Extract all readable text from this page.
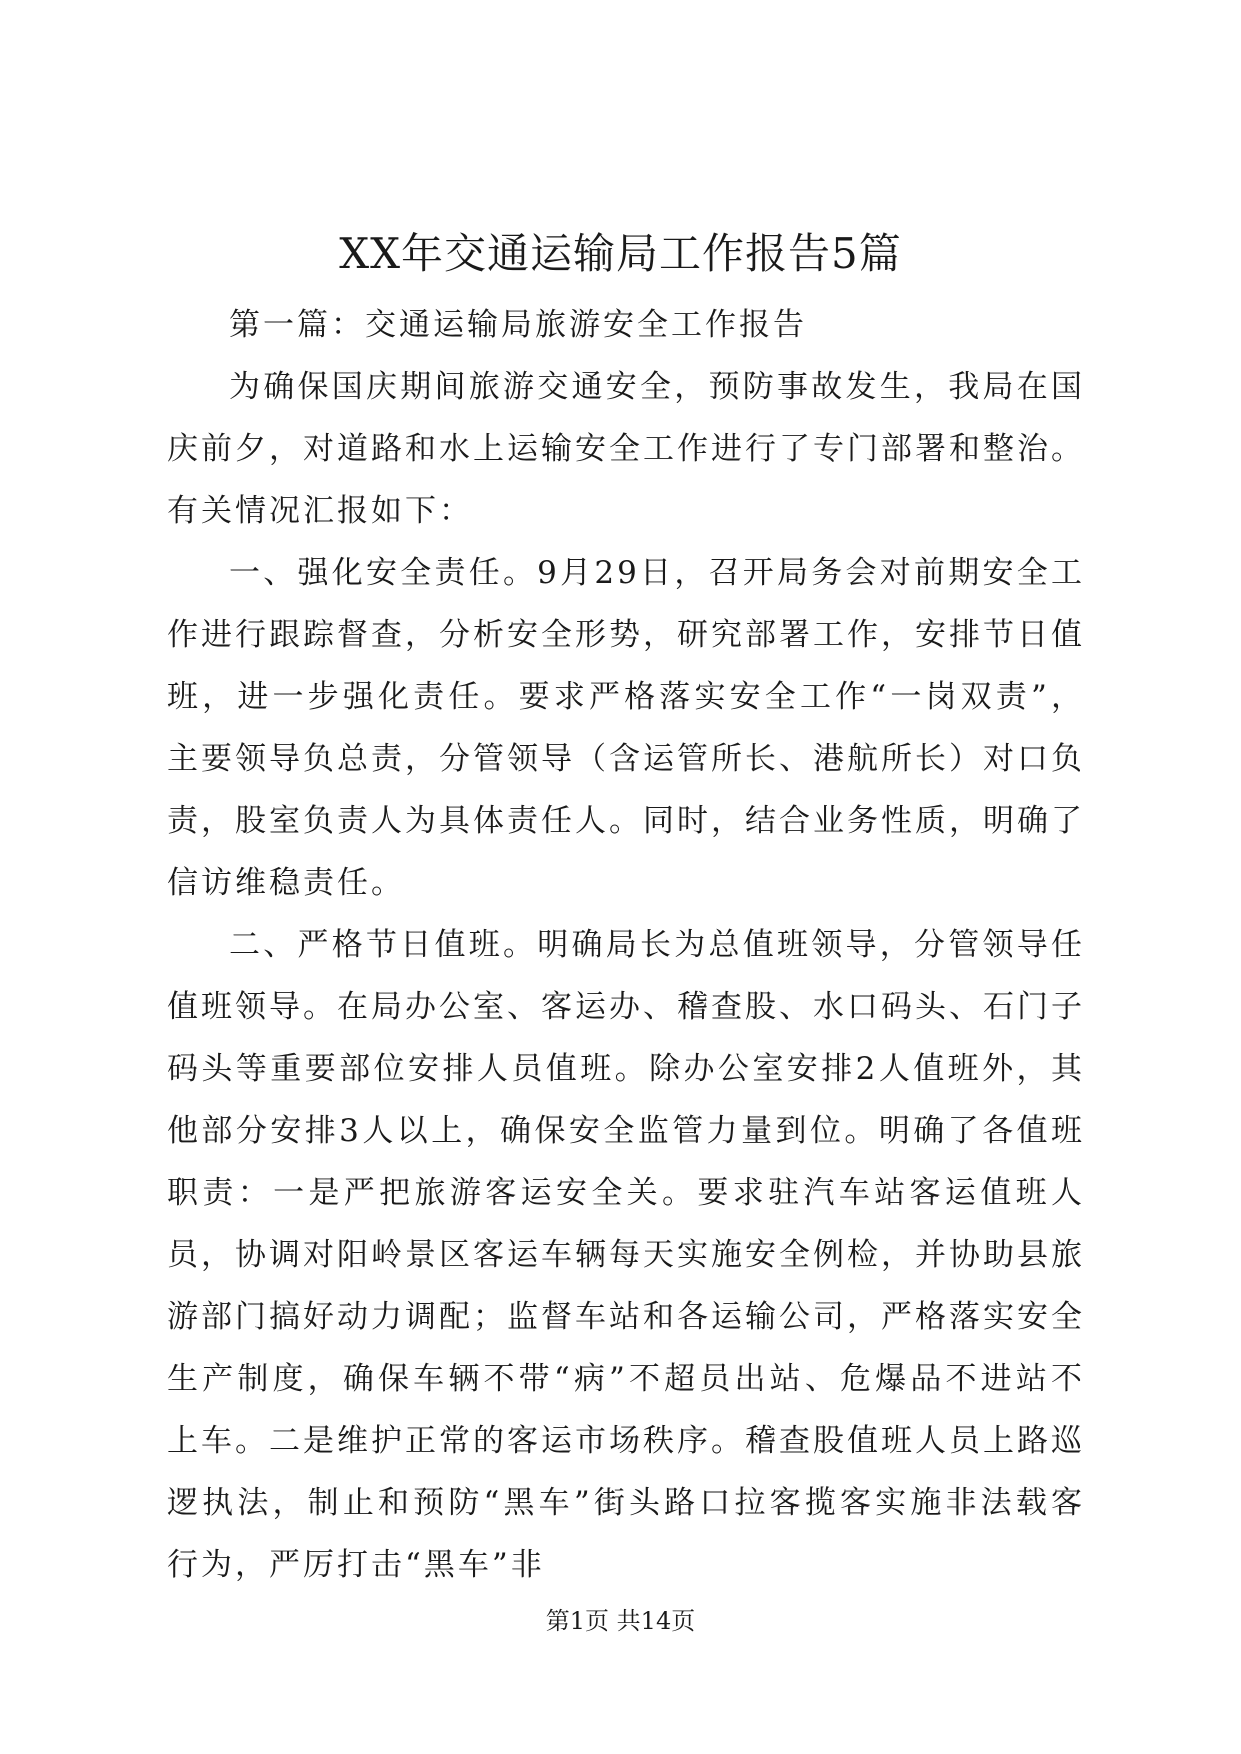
XX年交通运输局工作报告5篇

第一篇：交通运输局旅游安全工作报告

为确保国庆期间旅游交通安全，预防事故发生，我局在国庆前夕，对道路和水上运输安全工作进行了专门部署和整治。有关情况汇报如下：

一、强化安全责任。9月29日，召开局务会对前期安全工作进行跟踪督查，分析安全形势，研究部署工作，安排节日值班，进一步强化责任。要求严格落实安全工作“一岗双责”，主要领导负总责，分管领导（含运管所长、港航所长）对口负责，股室负责人为具体责任人。同时，结合业务性质，明确了信访维稳责任。

二、严格节日值班。明确局长为总值班领导，分管领导任值班领导。在局办公室、客运办、稽查股、水口码头、石门子码头等重要部位安排人员值班。除办公室安排2人值班外，其他部分安排3人以上，确保安全监管力量到位。明确了各值班职责：一是严把旅游客运安全关。要求驻汽车站客运值班人员，协调对阳岭景区客运车辆每天实施安全例检，并协助县旅游部门搞好动力调配；监督车站和各运输公司，严格落实安全生产制度，确保车辆不带“病”不超员出站、危爆品不进站不上车。二是维护正常的客运市场秩序。稽查股值班人员上路巡逻执法，制止和预防“黑车”街头路口拉客揽客实施非法载客行为，严厉打击“黑车”非

第1页 共14页
